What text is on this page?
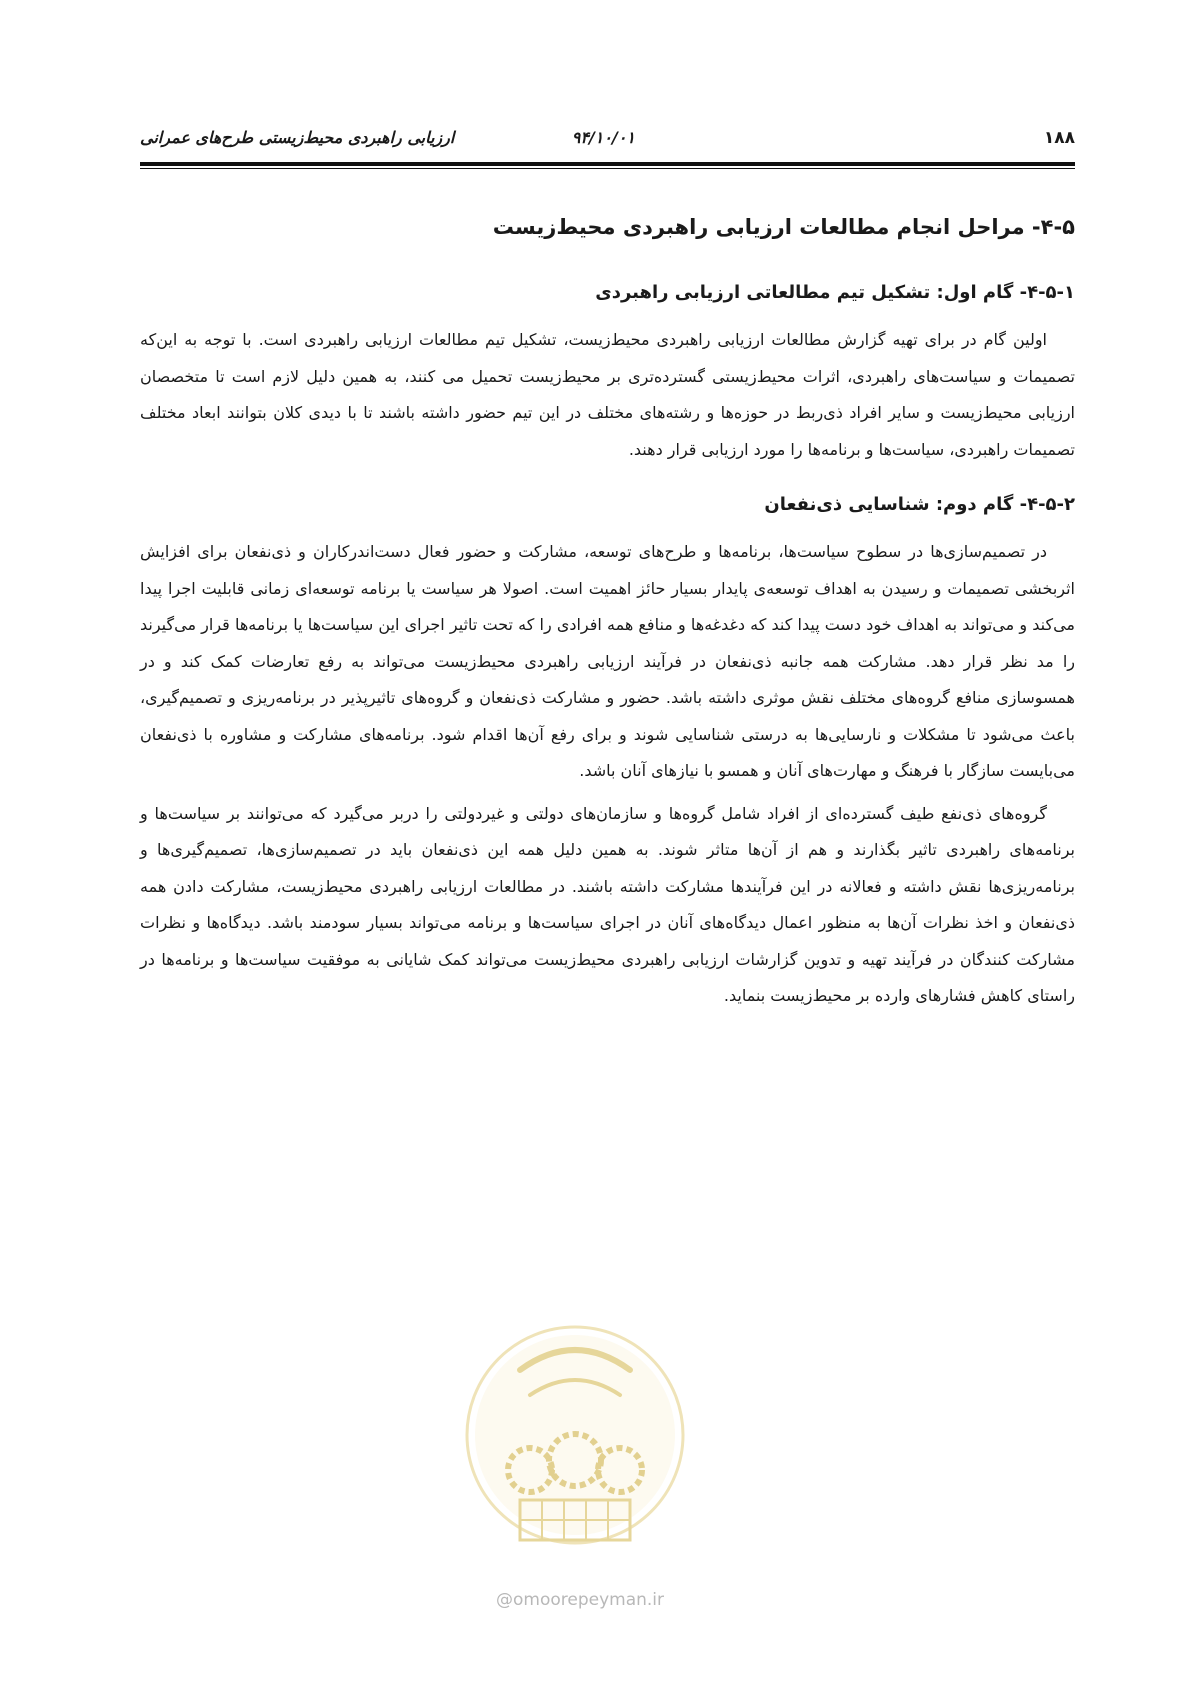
۱۸۸
۹۴/۱۰/۰۱
ارزیابی راهبردی محیط‌زیستی طرح‌های عمرانی
۴-۵- مراحل انجام مطالعات ارزیابی راهبردی محیط‌زیست
۴-۵-۱- گام اول: تشکیل تیم مطالعاتی ارزیابی راهبردی

اولین گام در برای تهیه گزارش مطالعات ارزیابی راهبردی محیط‌زیست، تشکیل تیم مطالعات ارزیابی راهبردی است. با توجه به این‌که تصمیمات و سیاست‌های راهبردی، اثرات محیط‌زیستی گسترده‌تری بر محیط‌زیست تحمیل می کنند، به همین دلیل لازم است تا متخصصان ارزیابی محیط‌زیست و سایر افراد ذی‌ربط در حوزه‌ها و رشته‌های مختلف در این تیم حضور داشته باشند تا با دیدی کلان بتوانند ابعاد مختلف تصمیمات راهبردی، سیاست‌ها و برنامه‌ها را مورد ارزیابی قرار دهند.

۴-۵-۲- گام دوم: شناسایی ذی‌نفعان

در تصمیم‌سازی‌ها در سطوح سیاست‌ها، برنامه‌ها و طرح‌های توسعه، مشارکت و حضور فعال دست‌اندرکاران و ذی‌نفعان برای افزایش اثربخشی تصمیمات و رسیدن به اهداف توسعه‌ی پایدار بسیار حائز اهمیت است. اصولا هر سیاست یا برنامه توسعه‌ای زمانی قابلیت اجرا پیدا می‌کند و می‌تواند به اهداف خود دست پیدا کند که دغدغه‌ها و منافع همه افرادی را که تحت تاثیر اجرای این سیاست‌ها یا برنامه‌ها قرار می‌گیرند را مد نظر قرار دهد. مشارکت همه جانبه ذی‌نفعان در فرآیند ارزیابی راهبردی محیط‌زیست می‌تواند به رفع تعارضات کمک کند و در همسوسازی منافع گروه‌های مختلف نقش موثری داشته باشد. حضور و مشارکت ذی‌نفعان و گروه‌های تاثیرپذیر در برنامه‌ریزی و تصمیم‌گیری، باعث می‌شود تا مشکلات و نارسایی‌ها به درستی شناسایی شوند و برای رفع آن‌ها اقدام شود. برنامه‌های مشارکت و مشاوره با ذی‌نفعان می‌بایست سازگار با فرهنگ و مهارت‌های آنان و همسو با نیازهای آنان باشد.

گروه‌های ذی‌نفع طیف گسترده‌ای از افراد شامل گروه‌ها و سازمان‌های دولتی و غیردولتی را دربر می‌گیرد که می‌توانند بر سیاست‌ها و برنامه‌های راهبردی تاثیر بگذارند و هم از آن‌ها متاثر شوند. به همین دلیل همه این ذی‌نفعان باید در تصمیم‌سازی‌ها، تصمیم‌گیری‌ها و برنامه‌ریزی‌ها نقش داشته و فعالانه در این فرآیندها مشارکت داشته باشند. در مطالعات ارزیابی راهبردی محیط‌زیست، مشارکت دادن همه ذی‌نفعان و اخذ نظرات آن‌ها به منظور اعمال دیدگاه‌های آنان در اجرای سیاست‌ها و برنامه می‌تواند بسیار سودمند باشد. دیدگاه‌ها و نظرات مشارکت کنندگان در فرآیند تهیه و تدوین گزارشات ارزیابی راهبردی محیط‌زیست می‌تواند کمک شایانی به موفقیت سیاست‌ها و برنامه‌ها در راستای کاهش فشارهای وارده بر محیط‌زیست بنماید.

@omoorepeyman.ir
